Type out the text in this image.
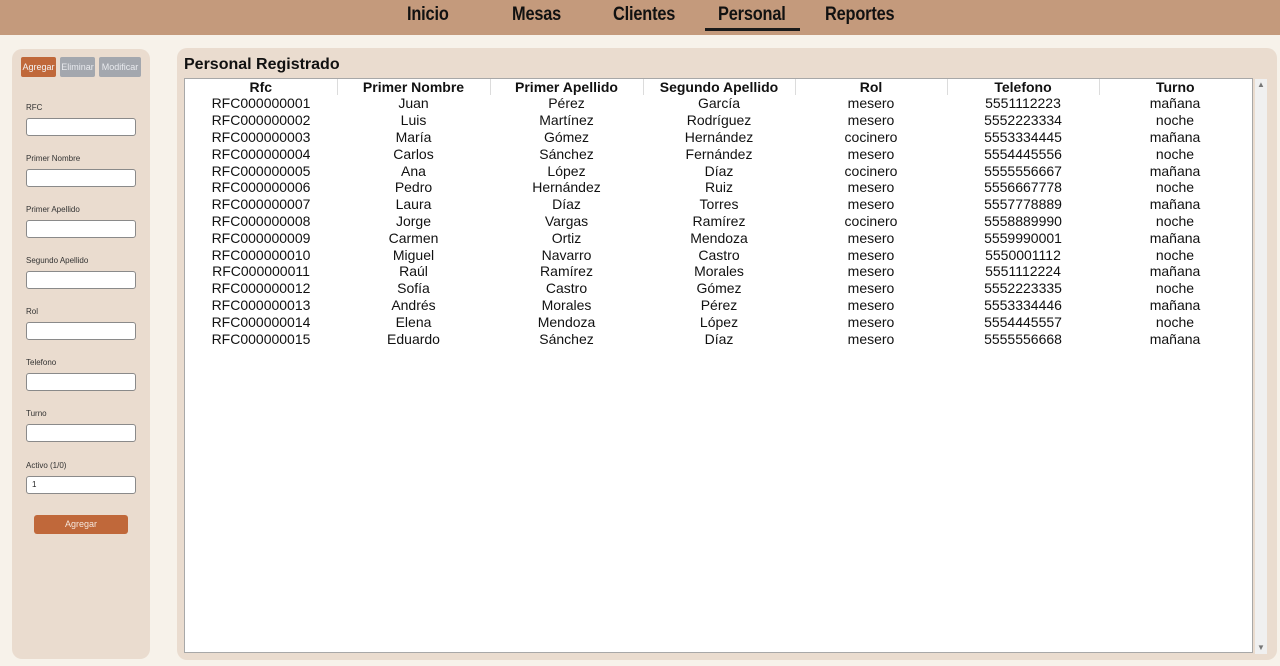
Inicio	Mesas	Clientes Personal Reportes
Agregar Eliminar Modificar
RFC
Primer Nombre
Primer Apellido
Segundo Apellido
Rol
Telefono
Turno
Activo (1/0)
1
Agregar
Personal Registrado
Rfc	Primer Nombre	Primer Apellido	Segundo Apellido	Rol	Telefono	Turno
RFC000000001	Juan	Pérez	García	mesero	5551112223	mañana
RFC000000002	Luis	Martínez	Rodríguez	mesero	5552223334	noche
RFC000000003	María	Gómez	Hernández	cocinero	5553334445	mañana
RFC000000004	Carlos	Sánchez	Fernández	mesero	5554445556	noche
RFC000000005	Ana	López	Díaz	cocinero	5555556667	mañana
RFC000000006	Pedro	Hernández	Ruiz	mesero	5556667778	noche
RFC000000007	Laura	Díaz	Torres	mesero	5557778889	mañana
RFC000000008	Jorge	Vargas	Ramírez	cocinero	5558889990	noche
RFC000000009	Carmen	Ortiz	Mendoza	mesero	5559990001	mañana
RFC000000010	Miguel	Navarro	Castro	mesero	5550001112	noche
RFC000000011	Raúl	Ramírez	Morales	mesero	5551112224	mañana
RFC000000012	Sofía	Castro	Gómez	mesero	5552223335	noche
RFC000000013	Andrés	Morales	Pérez	mesero	5553334446	mañana
RFC000000014	Elena	Mendoza	López	mesero	5554445557	noche
RFC000000015	Eduardo	Sánchez	Díaz	mesero	5555556668	mañana
▲
▼
